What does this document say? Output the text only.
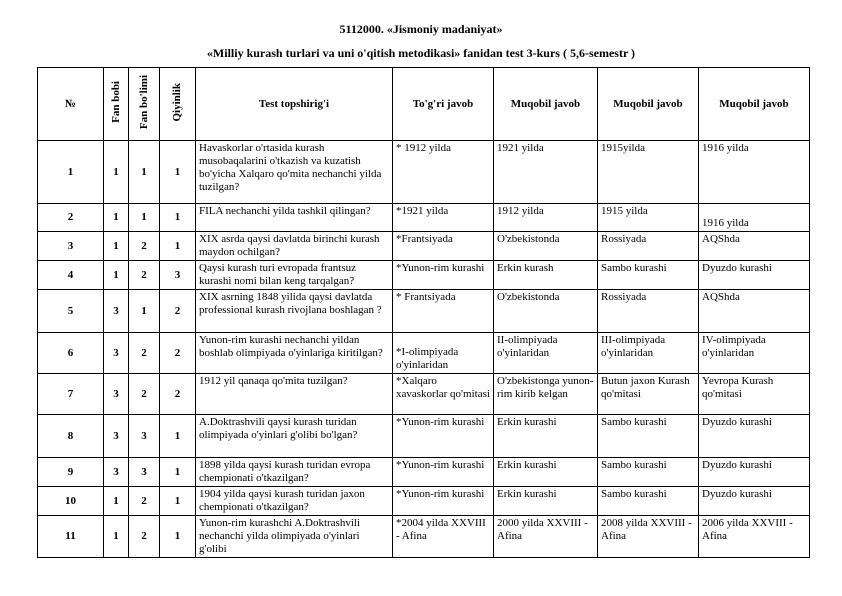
5112000. «Jismoniy madaniyat»
«Milliy kurash turlari va uni o'qitish metodikasi» fanidan test 3-kurs ( 5,6-semestr )
№	Fan bobi	Fan bo'limi	Qiyinlik	Test topshirig'i	To'g'ri javob	Muqobil javob	Muqobil javob	Muqobil javob
1	1	1	1	Havaskorlar o'rtasida kurash musobaqalarini o'tkazish va kuzatish bo'yicha Xalqaro qo'mita nechanchi yilda tuzilgan?	* 1912 yilda	1921 yilda	1915yilda	1916 yilda
2	1	1	1	FILA nechanchi yilda tashkil qilingan?	*1921 yilda	1912 yilda	1915 yilda	1916 yilda
3	1	2	1	XIX asrda qaysi davlatda birinchi kurash maydon ochilgan?	*Frantsiyada	O'zbekistonda	Rossiyada	AQShda
4	1	2	3	Qaysi kurash turi evropada frantsuz kurashi nomi bilan keng tarqalgan?	*Yunon-rim kurashi	Erkin kurash	Sambo kurashi	Dyuzdo kurashi
5	3	1	2	XIX asrning 1848 yilida qaysi davlatda professional kurash rivojlana boshlagan ?	* Frantsiyada	O'zbekistonda	Rossiyada	AQShda
6	3	2	2	Yunon-rim kurashi nechanchi yildan boshlab olimpiyada o'yinlariga kiritilgan?	*I-olimpiyada o'yinlaridan	II-olimpiyada o'yinlaridan	III-olimpiyada o'yinlaridan	IV-olimpiyada o'yinlaridan
7	3	2	2	1912 yil qanaqa qo'mita tuzilgan?	*Xalqaro xavaskorlar qo'mitasi	O'zbekistonga yunon-rim kirib kelgan	Butun jaxon Kurash qo'mitasi	Yevropa Kurash qo'mitasi
8	3	3	1	A.Doktrashvili qaysi kurash turidan olimpiyada o'yinlari g'olibi bo'lgan?	*Yunon-rim kurashi	Erkin kurashi	Sambo kurashi	Dyuzdo kurashi
9	3	3	1	1898 yilda qaysi kurash turidan evropa chempionati o'tkazilgan?	*Yunon-rim kurashi	Erkin kurashi	Sambo kurashi	Dyuzdo kurashi
10	1	2	1	1904 yilda qaysi kurash turidan jaxon chempionati o'tkazilgan?	*Yunon-rim kurashi	Erkin kurashi	Sambo kurashi	Dyuzdo kurashi
11	1	2	1	Yunon-rim kurashchi A.Doktrashvili nechanchi yilda olimpiyada o'yinlari g'olibi	*2004 yilda XXVIII - Afina	2000 yilda XXVIII - Afina	2008 yilda XXVIII - Afina	2006 yilda XXVIII - Afina
